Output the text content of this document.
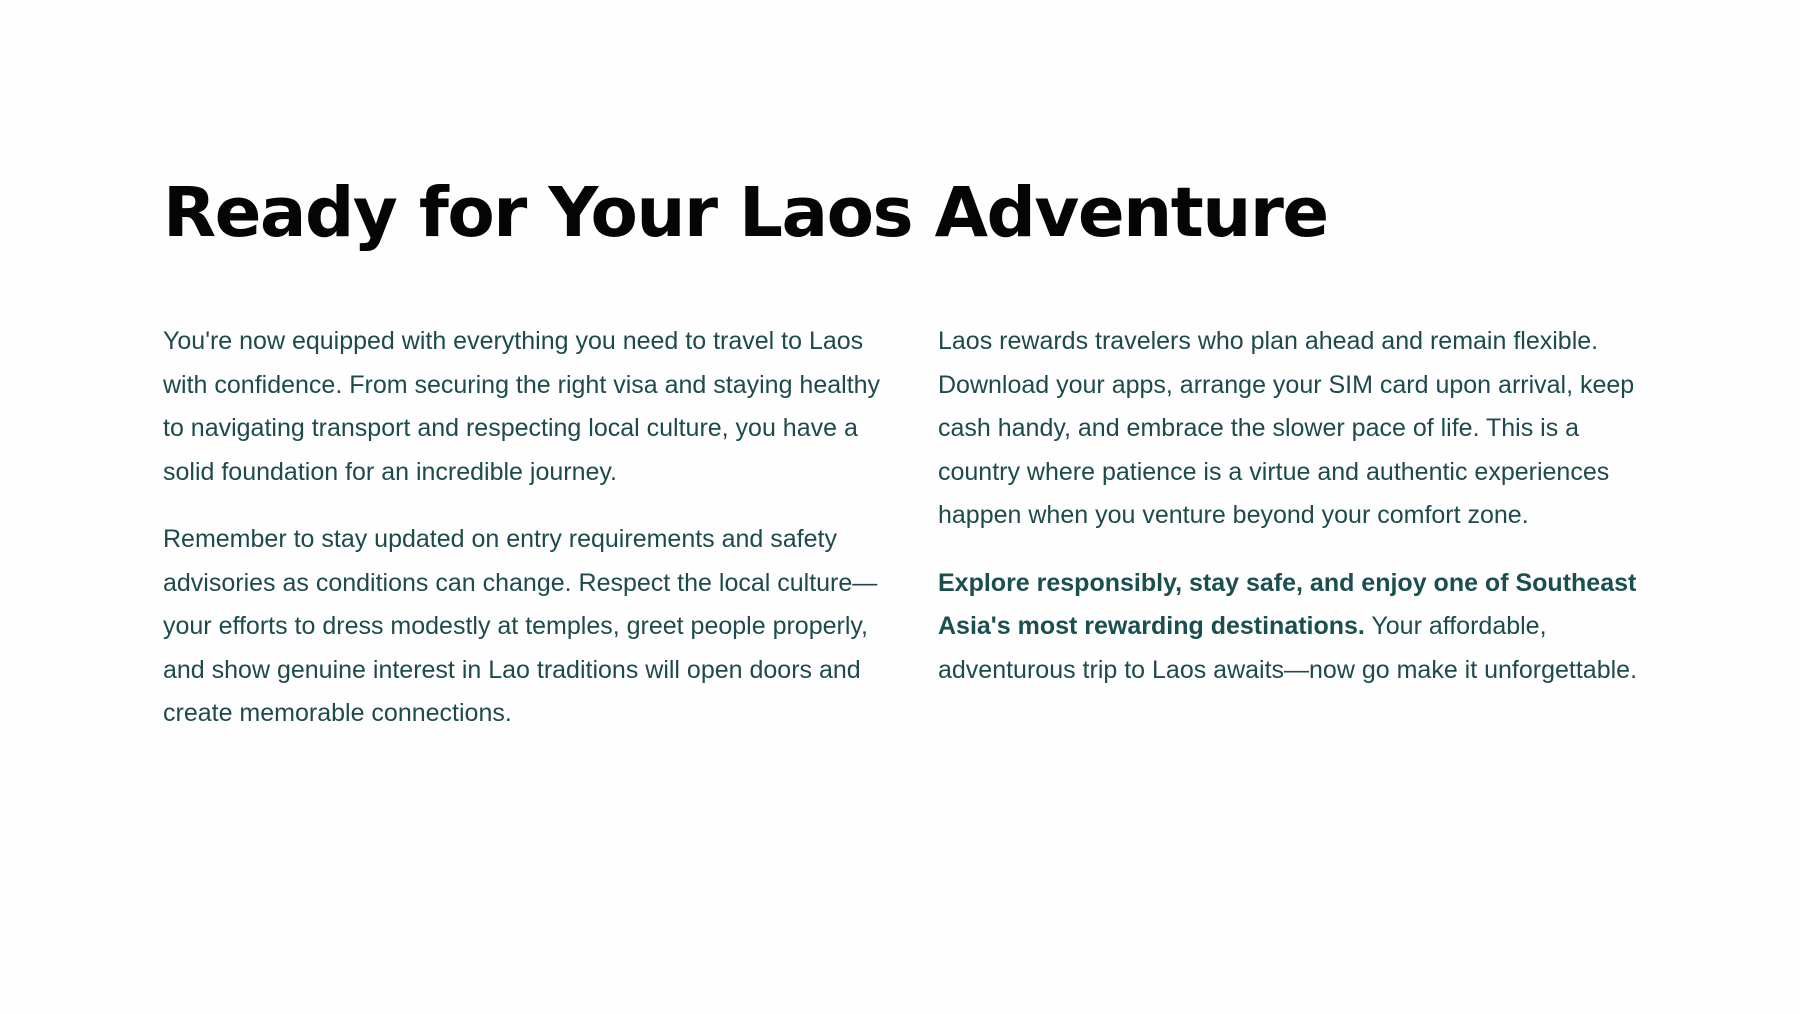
Ready for Your Laos Adventure

You're now equipped with everything you need to travel to Laos with confidence. From securing the right visa and staying healthy to navigating transport and respecting local culture, you have a solid foundation for an incredible journey.

Remember to stay updated on entry requirements and safety advisories as conditions can change. Respect the local culture—your efforts to dress modestly at temples, greet people properly, and show genuine interest in Lao traditions will open doors and create memorable connections.

Laos rewards travelers who plan ahead and remain flexible. Download your apps, arrange your SIM card upon arrival, keep cash handy, and embrace the slower pace of life. This is a country where patience is a virtue and authentic experiences happen when you venture beyond your comfort zone.

Explore responsibly, stay safe, and enjoy one of Southeast Asia's most rewarding destinations. Your affordable, adventurous trip to Laos awaits—now go make it unforgettable.
